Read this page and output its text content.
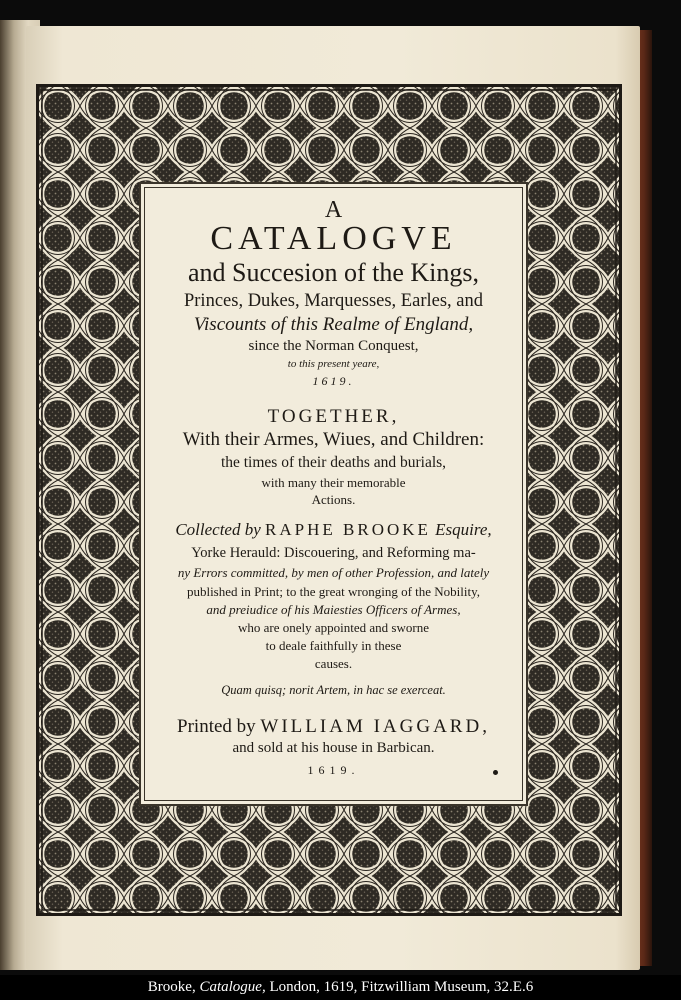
A
CATALOGVE
and Succesion of the Kings,
Princes, Dukes, Marquesses, Earles, and
Viscounts of this Realme of England,
since the Norman Conquest,
to this present yeare,
1619.
TOGETHER,
With their Armes, Wiues, and Children:
the times of their deaths and burials,
with many their memorable
Actions.
Collected by RAPHE BROOKE Esquire,
Yorke Herauld: Discouering, and Reforming ma-
ny Errors committed, by men of other Profession, and lately
published in Print; to the great wronging of the Nobility,
and preiudice of his Maiesties Officers of Armes,
who are onely appointed and sworne
to deale faithfully in these
causes.
Quam quisq; norit Artem, in hac se exerceat.
Printed by WILLIAM IAGGARD,
and sold at his house in Barbican.
1619.
Brooke, Catalogue, London, 1619, Fitzwilliam Museum, 32.E.6
